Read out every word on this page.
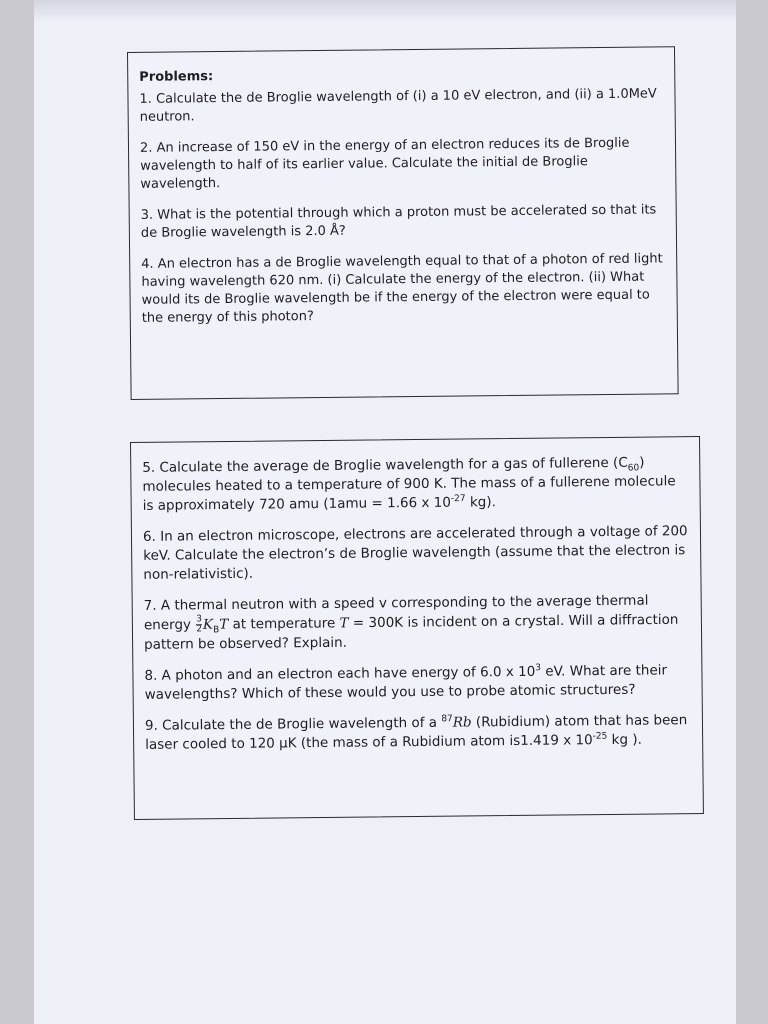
Problems:

1. Calculate the de Broglie wavelength of (i) a 10 eV electron, and (ii) a 1.0MeV neutron.

2. An increase of 150 eV in the energy of an electron reduces its de Broglie wavelength to half of its earlier value. Calculate the initial de Broglie wavelength.

3. What is the potential through which a proton must be accelerated so that its de Broglie wavelength is 2.0 Å?

4. An electron has a de Broglie wavelength equal to that of a photon of red light having wavelength 620 nm. (i) Calculate the energy of the electron. (ii) What would its de Broglie wavelength be if the energy of the electron were equal to the energy of this photon?

5. Calculate the average de Broglie wavelength for a gas of fullerene $(C_{60})$ molecules heated to a temperature of 900 K. The mass of a fullerene molecule is approximately 720 amu (1amu = 1.66 x $10^{-27}$ kg).

6. In an electron microscope, electrons are accelerated through a voltage of 200 keV. Calculate the electron’s de Broglie wavelength (assume that the electron is non-relativistic).

7. A thermal neutron with a speed v corresponding to the average thermal energy $\frac{3}{2} K_BT$ at temperature T = 300K is incident on a crystal. Will a diffraction pattern be observed? Explain.

8. A photon and an electron each have energy of 6.0 x $10^3$ eV. What are their wavelengths? Which of these would you use to probe atomic structures?

9. Calculate the de Broglie wavelength of a $^{87}$Rb (Rubidium) atom that has been laser cooled to 120 µK (the mass of a Rubidium atom is1.419 x $10^{-25}$ kg ).
